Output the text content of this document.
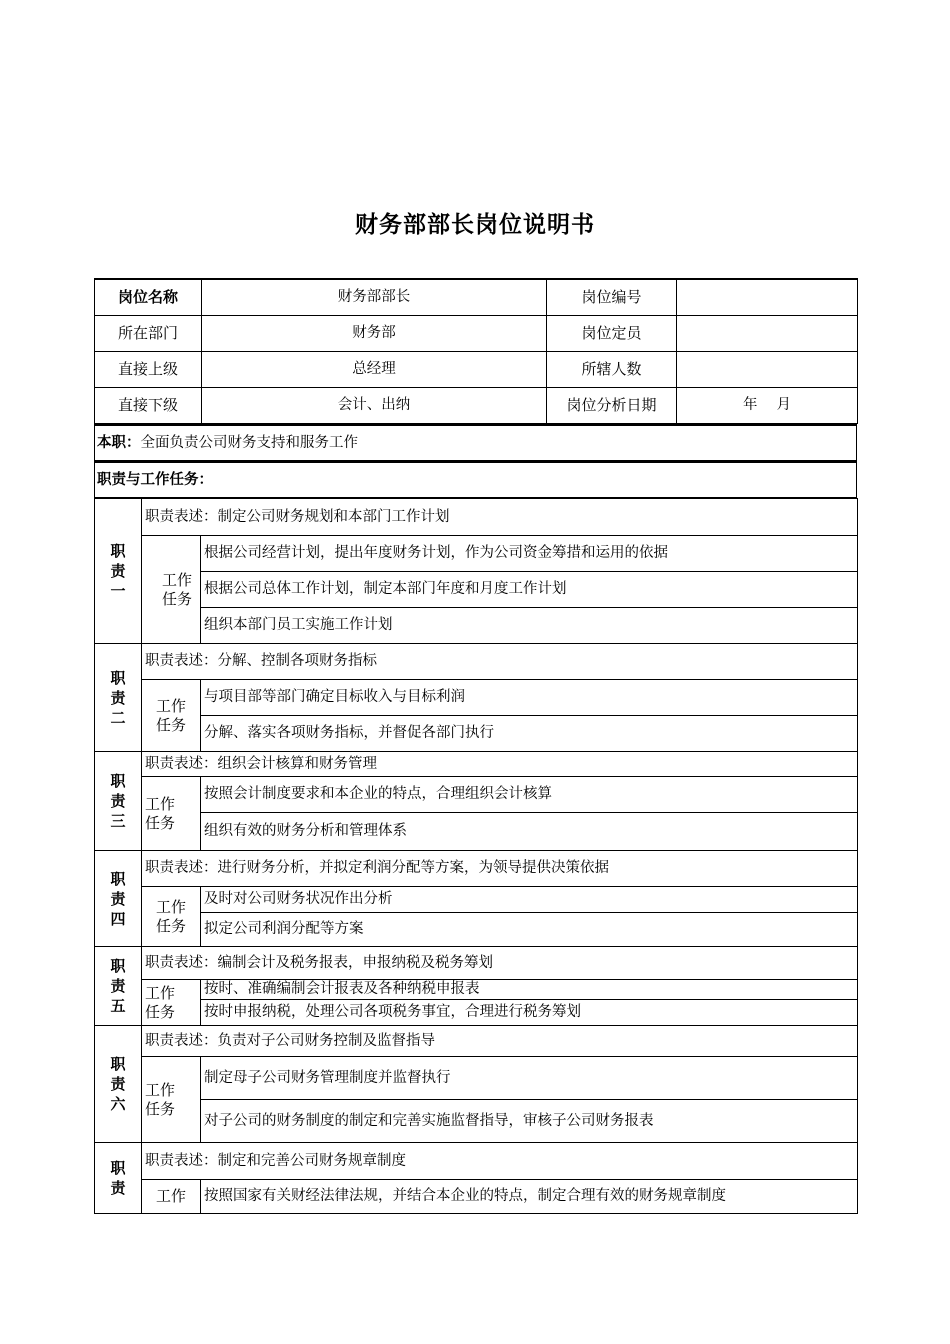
财务部部长岗位说明书
岗位名称	财务部部长	岗位编号	
所在部门	财务部	岗位定员	
直接上级	总经理	所辖人数	
直接下级	会计、出纳	岗位分析日期	年　 月
本职：全面负责公司财务支持和服务工作
职责与工作任务：
职
责
一	职责表述：制定公司财务规划和本部门工作计划	
	工作
任务	根据公司经营计划，提出年度财务计划，作为公司资金筹措和运用的依据
		根据公司总体工作计划，制定本部门年度和月度工作计划
		组织本部门员工实施工作计划

职
责
二	职责表述：分解、控制各项财务指标	
	工作
任务	与项目部等部门确定目标收入与目标利润
		分解、落实各项财务指标，并督促各部门执行

职
责
三	职责表述：组织会计核算和财务管理	
	工作
任务	按照会计制度要求和本企业的特点，合理组织会计核算
		组织有效的财务分析和管理体系

职
责
四	职责表述：进行财务分析，并拟定利润分配等方案，为领导提供决策依据	
	工作
任务	及时对公司财务状况作出分析
		拟定公司利润分配等方案

职
责
五	职责表述：编制会计及税务报表，申报纳税及税务筹划	
	工作
任务	按时、准确编制会计报表及各种纳税申报表
		按时申报纳税，处理公司各项税务事宜，合理进行税务筹划

职
责
六	职责表述：负责对子公司财务控制及监督指导	
	工作
任务	制定母子公司财务管理制度并监督执行
		对子公司的财务制度的制定和完善实施监督指导，审核子公司财务报表

职
责	职责表述：制定和完善公司财务规章制度	
	工作	按照国家有关财经法律法规，并结合本企业的特点，制定合理有效的财务规章制度
